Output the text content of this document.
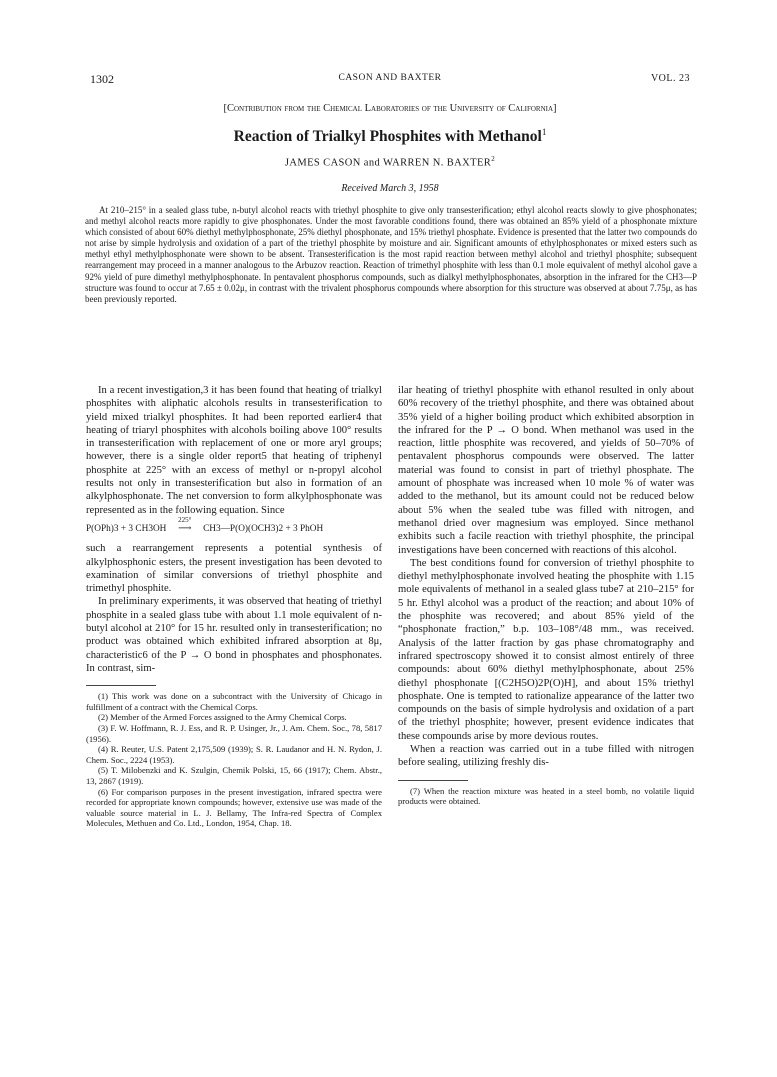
1302	CASON AND BAXTER	VOL. 23
[Contribution from the Chemical Laboratories of the University of California]
Reaction of Trialkyl Phosphites with Methanol$^1$
JAMES CASON and WARREN N. BAXTER$^2$
Received March 3, 1958

At 210–215° in a sealed glass tube, n-butyl alcohol reacts with triethyl phosphite to give only transesterification; ethyl alcohol reacts slowly to give phosphonates; and methyl alcohol reacts more rapidly to give phosphonates. Under the most favorable conditions found, there was obtained an 85% yield of a phosphonate mixture which consisted of about 60% diethyl methylphosphonate, 25% diethyl phosphonate, and 15% triethyl phosphate. Evidence is presented that the latter two compounds do not arise by simple hydrolysis and oxidation of a part of the triethyl phosphite by moisture and air. Significant amounts of ethylphosphonates or mixed esters such as methyl ethyl methylphosphonate were shown to be absent. Transesterification is the most rapid reaction between methyl alcohol and triethyl phosphite; subsequent rearrangement may proceed in a manner analogous to the Arbuzov reaction. Reaction of trimethyl phosphite with less than 0.1 mole equivalent of methyl alcohol gave a 92% yield of pure dimethyl methylphosphonate. In pentavalent phosphorus compounds, such as dialkyl methylphosphonates, absorption in the infrared for the CH3—P structure was found to occur at 7.65 ± 0.02μ, in contrast with the trivalent phosphorus compounds where absorption for this structure was observed at about 7.75μ, as has been previously reported.

In a recent investigation,3 it has been found that heating of trialkyl phosphites with aliphatic alcohols results in transesterification to yield mixed trialkyl phosphites. It had been reported earlier4 that heating of triaryl phosphites with alcohols boiling above 100° results in transesterification with replacement of one or more aryl groups; however, there is a single older report5 that heating of triphenyl phosphite at 225° with an excess of methyl or n-propyl alcohol results not only in transesterification but also in formation of an alkylphosphonate. The net conversion to form alkylphosphonate was represented as in the following equation. Since

P(OPh)3 + 3 CH3OH
225°
⟶ CH3—P(O)(OCH3)2 + 3 PhOH

such a rearrangement represents a potential synthesis of alkylphosphonic esters, the present investigation has been devoted to examination of similar conversions of triethyl phosphite and trimethyl phosphite.

In preliminary experiments, it was observed that heating of triethyl phosphite in a sealed glass tube with about 1.1 mole equivalent of n-butyl alcohol at 210° for 15 hr. resulted only in transesterification; no product was obtained which exhibited infrared absorption at 8μ, characteristic6 of the P → O bond in phosphates and phosphonates. In contrast, sim-

(1) This work was done on a subcontract with the University of Chicago in fulfillment of a contract with the Chemical Corps.

(2) Member of the Armed Forces assigned to the Army Chemical Corps.

(3) F. W. Hoffmann, R. J. Ess, and R. P. Usinger, Jr., J. Am. Chem. Soc., 78, 5817 (1956).

(4) R. Reuter, U.S. Patent 2,175,509 (1939); S. R. Laudanor and H. N. Rydon, J. Chem. Soc., 2224 (1953).

(5) T. Milobenzki and K. Szulgin, Chemik Polski, 15, 66 (1917); Chem. Abstr., 13, 2867 (1919).

(6) For comparison purposes in the present investigation, infrared spectra were recorded for appropriate known compounds; however, extensive use was made of the valuable source material in L. J. Bellamy, The Infra-red Spectra of Complex Molecules, Methuen and Co. Ltd., London, 1954, Chap. 18.

ilar heating of triethyl phosphite with ethanol resulted in only about 60% recovery of the triethyl phosphite, and there was obtained about 35% yield of a higher boiling product which exhibited absorption in the infrared for the P → O bond. When methanol was used in the reaction, little phosphite was recovered, and yields of 50–70% of pentavalent phosphorus compounds were observed. The latter material was found to consist in part of triethyl phosphate. The amount of phosphate was increased when 10 mole % of water was added to the methanol, but its amount could not be reduced below about 5% when the sealed tube was filled with nitrogen, and methanol dried over magnesium was employed. Since methanol exhibits such a facile reaction with triethyl phosphite, the principal investigations have been concerned with reactions of this alcohol.

The best conditions found for conversion of triethyl phosphite to diethyl methylphosphonate involved heating the phosphite with 1.15 mole equivalents of methanol in a sealed glass tube7 at 210–215° for 5 hr. Ethyl alcohol was a product of the reaction; and about 10% of the phosphite was recovered; and about 85% yield of the “phosphonate fraction,” b.p. 103–108°/48 mm., was received. Analysis of the latter fraction by gas phase chromatography and infrared spectroscopy showed it to consist almost entirely of three compounds: about 60% diethyl methylphosphonate, about 25% diethyl phosphonate [(C2H5O)2P(O)H], and about 15% triethyl phosphate. One is tempted to rationalize appearance of the latter two compounds on the basis of simple hydrolysis and oxidation of a part of the triethyl phosphite; however, present evidence indicates that these compounds arise by more devious routes.

When a reaction was carried out in a tube filled with nitrogen before sealing, utilizing freshly dis-

(7) When the reaction mixture was heated in a steel bomb, no volatile liquid products were obtained.
